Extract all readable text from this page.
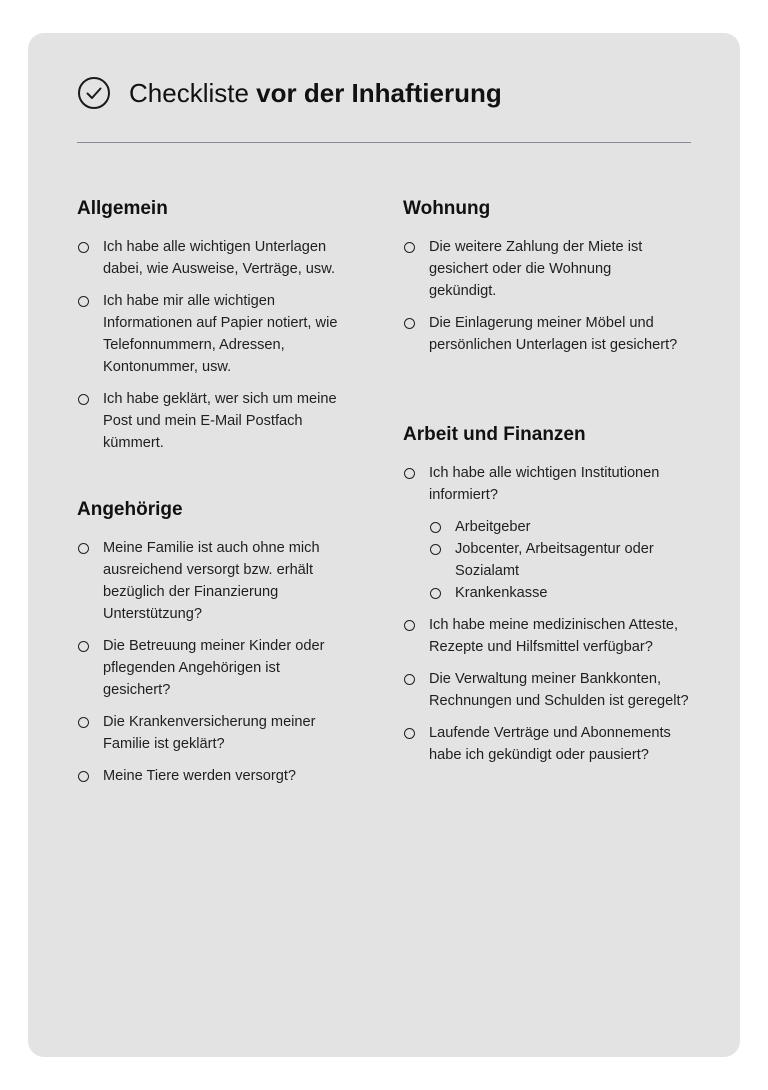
Checkliste vor der Inhaftierung
Allgemein
Ich habe alle wichtigen Unterlagen dabei, wie Ausweise, Verträge, usw.
Ich habe mir alle wichtigen Informationen auf Papier notiert, wie Telefonnummern, Adressen, Kontonummer, usw.
Ich habe geklärt, wer sich um meine Post und mein E-Mail Postfach kümmert.
Angehörige
Meine Familie ist auch ohne mich ausreichend versorgt bzw. erhält bezüglich der Finanzierung Unterstützung?
Die Betreuung meiner Kinder oder pflegenden Angehörigen ist gesichert?
Die Krankenversicherung meiner Familie ist geklärt?
Meine Tiere werden versorgt?
Wohnung
Die weitere Zahlung der Miete ist gesichert oder die Wohnung gekündigt.
Die Einlagerung meiner Möbel und persönlichen Unterlagen ist gesichert?
Arbeit und Finanzen
Ich habe alle wichtigen Institutionen informiert?
Arbeitgeber
Jobcenter, Arbeitsagentur oder Sozialamt
Krankenkasse
Ich habe meine medizinischen Atteste, Rezepte und Hilfsmittel verfügbar?
Die Verwaltung meiner Bankkonten, Rechnungen und Schulden ist geregelt?
Laufende Verträge und Abonnements habe ich gekündigt oder pausiert?
